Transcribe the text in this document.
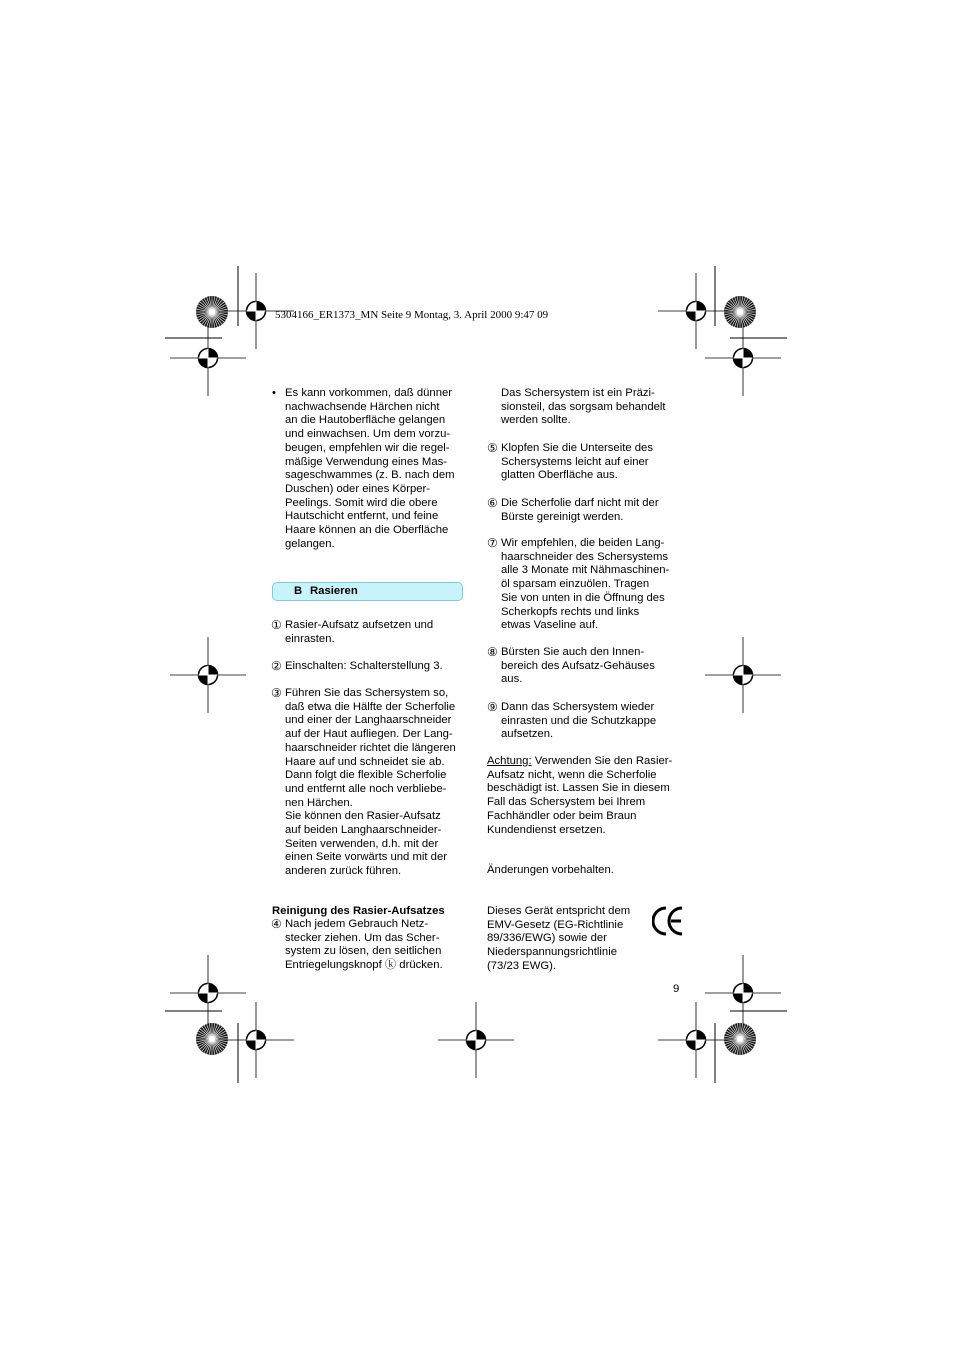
5304166_ER1373_MN Seite 9 Montag, 3. April 2000 9:47 09
• Es kann vorkommen, daß dünner
nachwachsende Härchen nicht
an die Hautoberfläche gelangen
und einwachsen. Um dem vorzu-
beugen, empfehlen wir die regel-
mäßige Verwendung eines Mas-
sageschwammes (z. B. nach dem
Duschen) oder eines Körper-
Peelings. Somit wird die obere
Hautschicht entfernt, und feine
Haare können an die Oberfläche
gelangen.
B Rasieren
① Rasier-Aufsatz aufsetzen und
einrasten.
② Einschalten: Schalterstellung 3.
③ Führen Sie das Schersystem so,
daß etwa die Hälfte der Scherfolie
und einer der Langhaarschneider
auf der Haut aufliegen. Der Lang-
haarschneider richtet die längeren
Haare auf und schneidet sie ab.
Dann folgt die flexible Scherfolie
und entfernt alle noch verbliebe-
nen Härchen.
Sie können den Rasier-Aufsatz
auf beiden Langhaarschneider-
Seiten verwenden, d.h. mit der
einen Seite vorwärts und mit der
anderen zurück führen.
Reinigung des Rasier-Aufsatzes
④ Nach jedem Gebrauch Netz-
stecker ziehen. Um das Scher-
system zu lösen, den seitlichen
Entriegelungsknopf ⓚ drücken.
Das Schersystem ist ein Präzi-
sionsteil, das sorgsam behandelt
werden sollte.
⑤ Klopfen Sie die Unterseite des
Schersystems leicht auf einer
glatten Oberfläche aus.
⑥ Die Scherfolie darf nicht mit der
Bürste gereinigt werden.
⑦ Wir empfehlen, die beiden Lang-
haarschneider des Schersystems
alle 3 Monate mit Nähmaschinen-
öl sparsam einzuölen. Tragen
Sie von unten in die Öffnung des
Scherkopfs rechts und links
etwas Vaseline auf.
⑧ Bürsten Sie auch den Innen-
bereich des Aufsatz-Gehäuses
aus.
⑨ Dann das Schersystem wieder
einrasten und die Schutzkappe
aufsetzen.
Achtung: Verwenden Sie den Rasier-
Aufsatz nicht, wenn die Scherfolie
beschädigt ist. Lassen Sie in diesem
Fall das Schersystem bei Ihrem
Fachhändler oder beim Braun
Kundendienst ersetzen.
Änderungen vorbehalten.
Dieses Gerät entspricht dem
EMV-Gesetz (EG-Richtlinie
89/336/EWG) sowie der
Niederspannungsrichtlinie
(73/23 EWG).
9
